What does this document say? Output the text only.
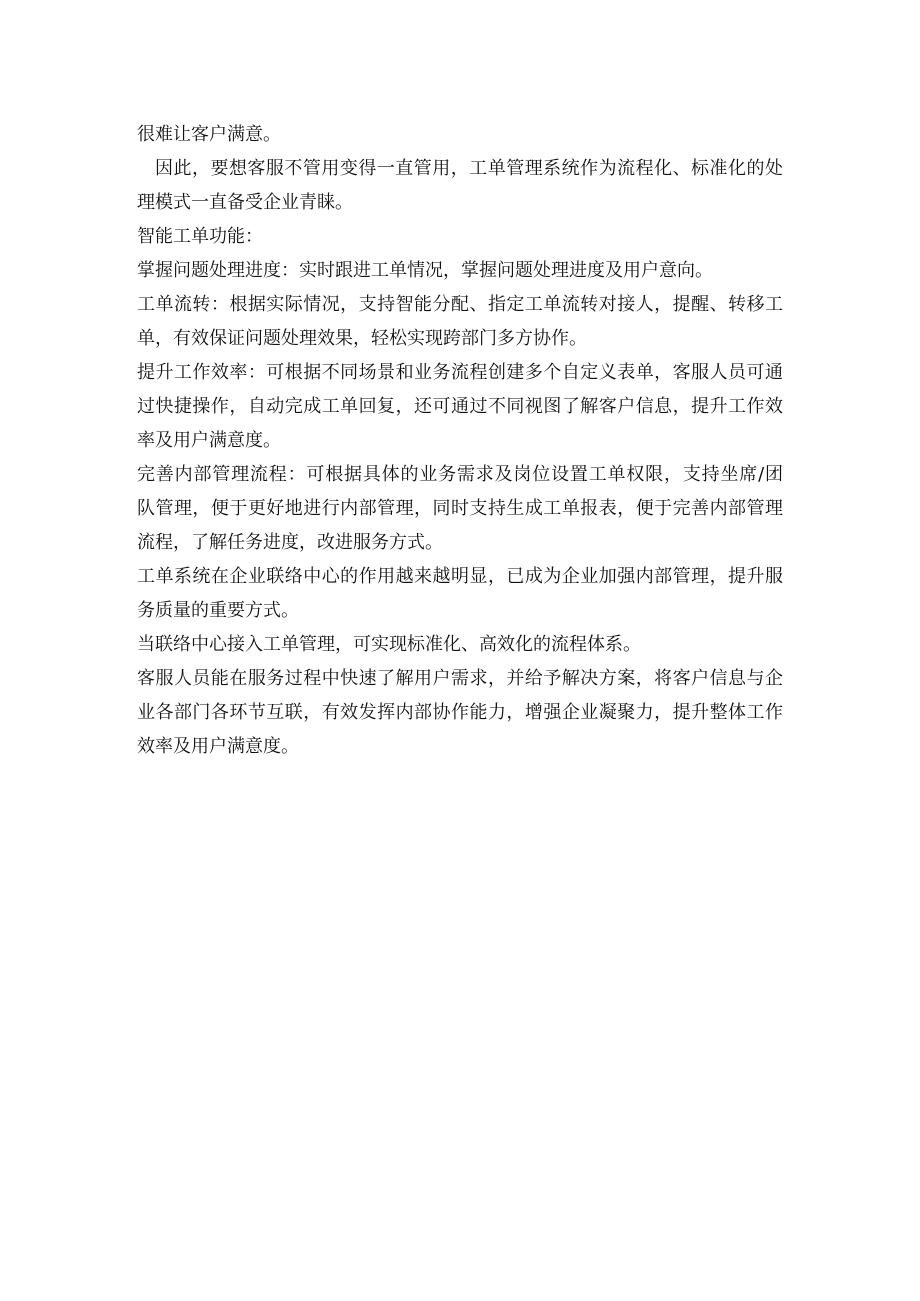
很难让客户满意。
因此，要想客服不管用变得一直管用，工单管理系统作为流程化、标准化的处
理模式一直备受企业青睐。
智能工单功能：
掌握问题处理进度：实时跟进工单情况，掌握问题处理进度及用户意向。
工单流转：根据实际情况，支持智能分配、指定工单流转对接人，提醒、转移工
单，有效保证问题处理效果，轻松实现跨部门多方协作。
提升工作效率：可根据不同场景和业务流程创建多个自定义表单，客服人员可通
过快捷操作，自动完成工单回复，还可通过不同视图了解客户信息，提升工作效
率及用户满意度。
完善内部管理流程：可根据具体的业务需求及岗位设置工单权限，支持坐席/团
队管理，便于更好地进行内部管理，同时支持生成工单报表，便于完善内部管理
流程，了解任务进度，改进服务方式。
工单系统在企业联络中心的作用越来越明显，已成为企业加强内部管理，提升服
务质量的重要方式。
当联络中心接入工单管理，可实现标准化、高效化的流程体系。
客服人员能在服务过程中快速了解用户需求，并给予解决方案，将客户信息与企
业各部门各环节互联，有效发挥内部协作能力，增强企业凝聚力，提升整体工作
效率及用户满意度。
